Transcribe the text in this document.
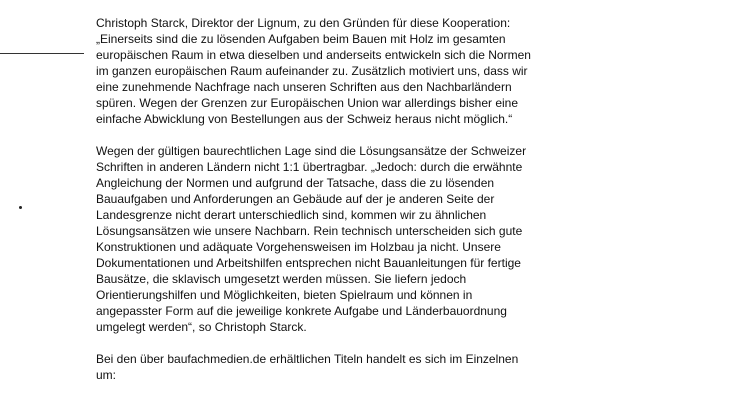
Christoph Starck, Direktor der Lignum, zu den Gründen für diese Kooperation:
„Einerseits sind die zu lösenden Aufgaben beim Bauen mit Holz im gesamten
europäischen Raum in etwa dieselben und anderseits entwickeln sich die Normen
im ganzen europäischen Raum aufeinander zu. Zusätzlich motiviert uns, dass wir
eine zunehmende Nachfrage nach unseren Schriften aus den Nachbarländern
spüren. Wegen der Grenzen zur Europäischen Union war allerdings bisher eine
einfache Abwicklung von Bestellungen aus der Schweiz heraus nicht möglich.“

Wegen der gültigen baurechtlichen Lage sind die Lösungsansätze der Schweizer
Schriften in anderen Ländern nicht 1:1 übertragbar. „Jedoch: durch die erwähnte
Angleichung der Normen und aufgrund der Tatsache, dass die zu lösenden
Bauaufgaben und Anforderungen an Gebäude auf der je anderen Seite der
Landesgrenze nicht derart unterschiedlich sind, kommen wir zu ähnlichen
Lösungsansätzen wie unsere Nachbarn. Rein technisch unterscheiden sich gute
Konstruktionen und adäquate Vorgehensweisen im Holzbau ja nicht. Unsere
Dokumentationen und Arbeitshilfen entsprechen nicht Bauanleitungen für fertige
Bausätze, die sklavisch umgesetzt werden müssen. Sie liefern jedoch
Orientierungshilfen und Möglichkeiten, bieten Spielraum und können in
angepasster Form auf die jeweilige konkrete Aufgabe und Länderbauordnung
umgelegt werden“, so Christoph Starck.

Bei den über baufachmedien.de erhältlichen Titeln handelt es sich im Einzelnen
um:
